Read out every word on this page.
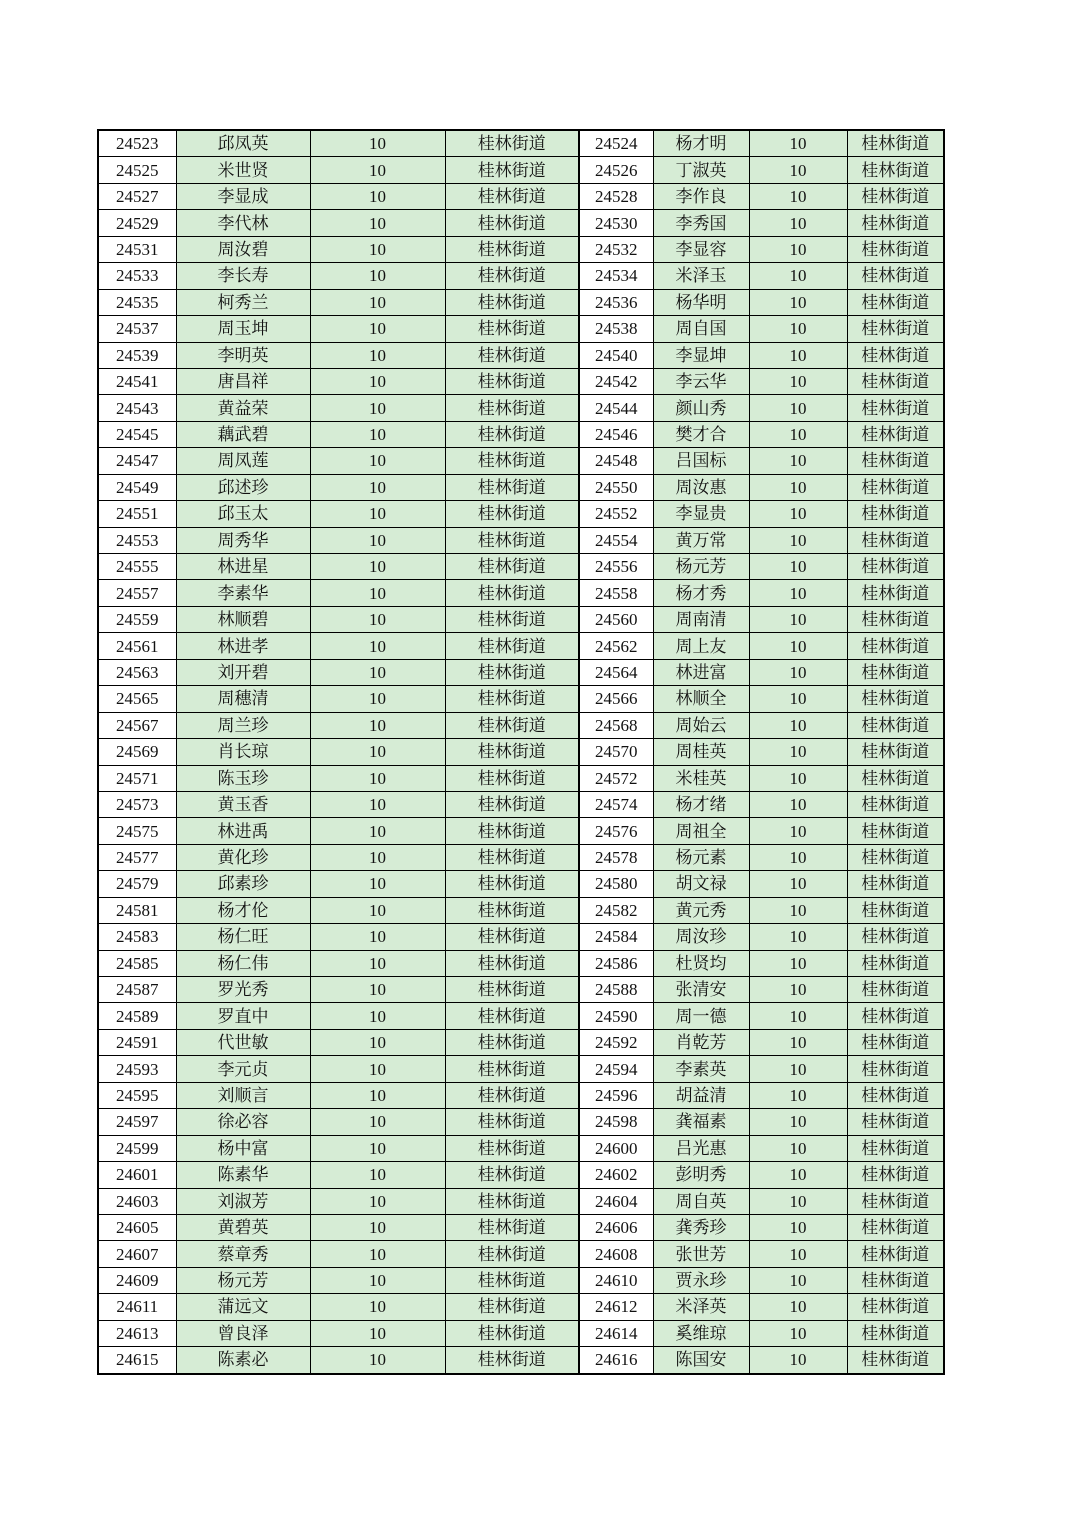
24523	邱凤英	10	桂林街道	24524	杨才明	10	桂林街道
24525	米世贤	10	桂林街道	24526	丁淑英	10	桂林街道
24527	李显成	10	桂林街道	24528	李作良	10	桂林街道
24529	李代林	10	桂林街道	24530	李秀国	10	桂林街道
24531	周汝碧	10	桂林街道	24532	李显容	10	桂林街道
24533	李长寿	10	桂林街道	24534	米泽玉	10	桂林街道
24535	柯秀兰	10	桂林街道	24536	杨华明	10	桂林街道
24537	周玉坤	10	桂林街道	24538	周自国	10	桂林街道
24539	李明英	10	桂林街道	24540	李显坤	10	桂林街道
24541	唐昌祥	10	桂林街道	24542	李云华	10	桂林街道
24543	黄益荣	10	桂林街道	24544	颜山秀	10	桂林街道
24545	藕武碧	10	桂林街道	24546	樊才合	10	桂林街道
24547	周凤莲	10	桂林街道	24548	吕国标	10	桂林街道
24549	邱述珍	10	桂林街道	24550	周汝惠	10	桂林街道
24551	邱玉太	10	桂林街道	24552	李显贵	10	桂林街道
24553	周秀华	10	桂林街道	24554	黄万常	10	桂林街道
24555	林进星	10	桂林街道	24556	杨元芳	10	桂林街道
24557	李素华	10	桂林街道	24558	杨才秀	10	桂林街道
24559	林顺碧	10	桂林街道	24560	周南清	10	桂林街道
24561	林进孝	10	桂林街道	24562	周上友	10	桂林街道
24563	刘开碧	10	桂林街道	24564	林进富	10	桂林街道
24565	周穗清	10	桂林街道	24566	林顺全	10	桂林街道
24567	周兰珍	10	桂林街道	24568	周始云	10	桂林街道
24569	肖长琼	10	桂林街道	24570	周桂英	10	桂林街道
24571	陈玉珍	10	桂林街道	24572	米桂英	10	桂林街道
24573	黄玉香	10	桂林街道	24574	杨才绪	10	桂林街道
24575	林进禹	10	桂林街道	24576	周祖全	10	桂林街道
24577	黄化珍	10	桂林街道	24578	杨元素	10	桂林街道
24579	邱素珍	10	桂林街道	24580	胡文禄	10	桂林街道
24581	杨才伦	10	桂林街道	24582	黄元秀	10	桂林街道
24583	杨仁旺	10	桂林街道	24584	周汝珍	10	桂林街道
24585	杨仁伟	10	桂林街道	24586	杜贤均	10	桂林街道
24587	罗光秀	10	桂林街道	24588	张清安	10	桂林街道
24589	罗直中	10	桂林街道	24590	周一德	10	桂林街道
24591	代世敏	10	桂林街道	24592	肖乾芳	10	桂林街道
24593	李元贞	10	桂林街道	24594	李素英	10	桂林街道
24595	刘顺言	10	桂林街道	24596	胡益清	10	桂林街道
24597	徐必容	10	桂林街道	24598	龚福素	10	桂林街道
24599	杨中富	10	桂林街道	24600	吕光惠	10	桂林街道
24601	陈素华	10	桂林街道	24602	彭明秀	10	桂林街道
24603	刘淑芳	10	桂林街道	24604	周自英	10	桂林街道
24605	黄碧英	10	桂林街道	24606	龚秀珍	10	桂林街道
24607	蔡章秀	10	桂林街道	24608	张世芳	10	桂林街道
24609	杨元芳	10	桂林街道	24610	贾永珍	10	桂林街道
24611	蒲远文	10	桂林街道	24612	米泽英	10	桂林街道
24613	曾良泽	10	桂林街道	24614	奚维琼	10	桂林街道
24615	陈素必	10	桂林街道	24616	陈国安	10	桂林街道
